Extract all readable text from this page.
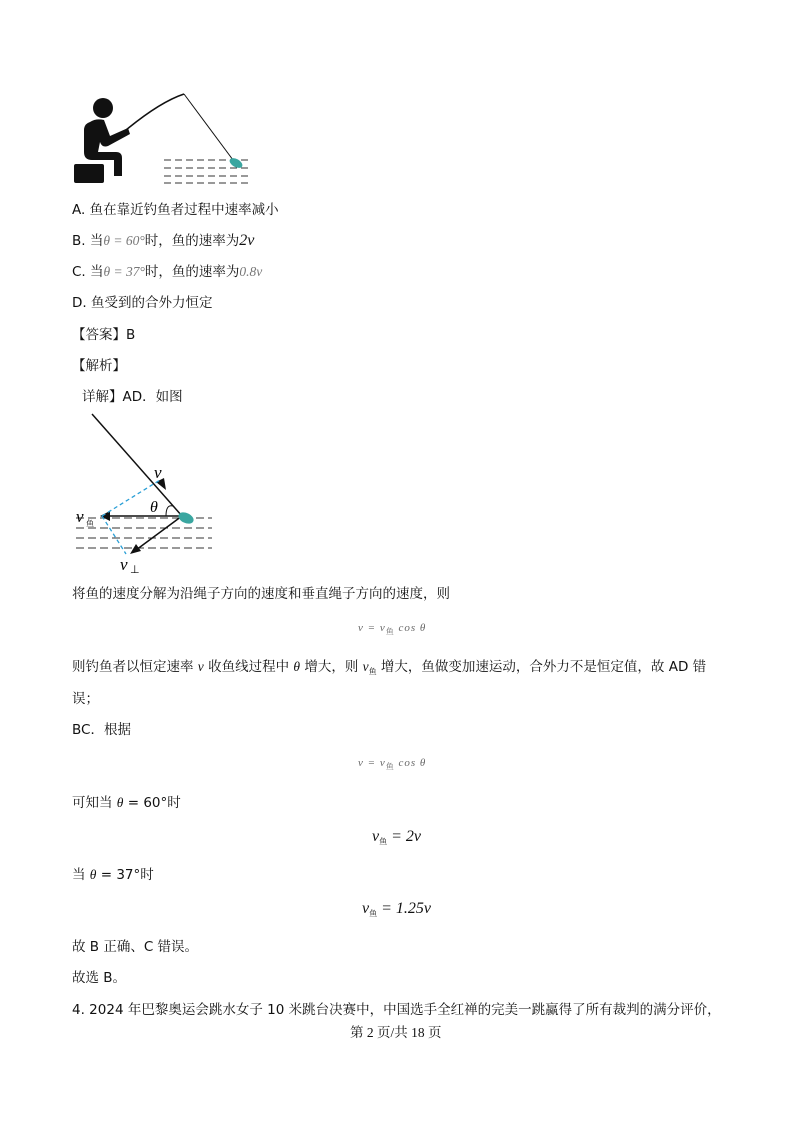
A. 鱼在靠近钓鱼者过程中速率减小
B. 当θ = 60°时，鱼的速率为2v
C. 当θ = 37°时，鱼的速率为0.8v
D. 鱼受到的合外力恒定
【答案】B
【解析】
详解】AD．如图
v
θ
v 鱼
v ⊥
将鱼的速度分解为沿绳子方向的速度和垂直绳子方向的速度，则
$v = v_鱼$ cos θ
则钓鱼者以恒定速率 v 收鱼线过程中 θ 增大，则 $v_鱼$ 增大，鱼做变加速运动，合外力不是恒定值，故 AD 错
误；
BC．根据
$v = v_鱼$ cos θ
可知当 θ = 60°时
$v_鱼 = 2v$
当 θ = 37°时
$v_鱼 = 1.25v$
故 B 正确、C 错误。
故选 B。
4. 2024 年巴黎奥运会跳水女子 10 米跳台决赛中，中国选手全红禅的完美一跳赢得了所有裁判的满分评价，
第 2 页/共 18 页
